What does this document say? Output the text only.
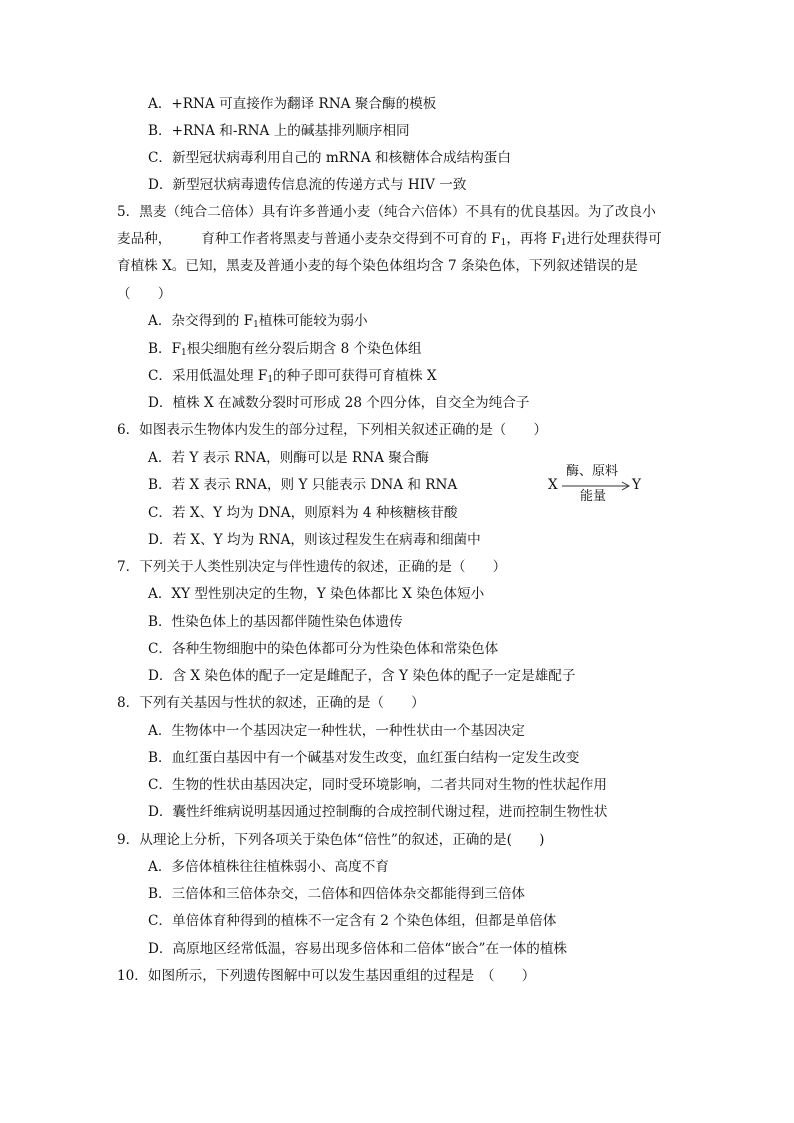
A．+RNA 可直接作为翻译 RNA 聚合酶的模板
B．+RNA 和-RNA 上的碱基排列顺序相同
C．新型冠状病毒利用自己的 mRNA 和核糖体合成结构蛋白
D．新型冠状病毒遗传信息流的传递方式与 HIV 一致
5．黑麦（纯合二倍体）具有许多普通小麦（纯合六倍体）不具有的优良基因。为了改良小
麦品种， 育种工作者将黑麦与普通小麦杂交得到不可育的 $F_1$，再将 $F_1$进行处理获得可
育植株 X。已知，黑麦及普通小麦的每个染色体组均含 7 条染色体，下列叙述错误的是
（　　）
A．杂交得到的 $F_1$植株可能较为弱小
B．$F_1$根尖细胞有丝分裂后期含 8 个染色体组
C．采用低温处理 $F_1$的种子即可获得可育植株 X
D．植株 X 在减数分裂时可形成 28 个四分体，自交全为纯合子
6．如图表示生物体内发生的部分过程，下列相关叙述正确的是（　　）
A．若 Y 表示 RNA，则酶可以是 RNA 聚合酶
B．若 X 表示 RNA，则 Y 只能表示 DNA 和 RNA
C．若 X、Y 均为 DNA，则原料为 4 种核糖核苷酸
D．若 X、Y 均为 RNA，则该过程发生在病毒和细菌中
X	Y
酶、原料
能量
7．下列关于人类性别决定与伴性遗传的叙述，正确的是（　　）
A．XY 型性别决定的生物，Y 染色体都比 X 染色体短小
B．性染色体上的基因都伴随性染色体遗传
C．各种生物细胞中的染色体都可分为性染色体和常染色体
D．含 X 染色体的配子一定是雌配子，含 Y 染色体的配子一定是雄配子
8．下列有关基因与性状的叙述，正确的是（　　）
A．生物体中一个基因决定一种性状，一种性状由一个基因决定
B．血红蛋白基因中有一个碱基对发生改变，血红蛋白结构一定发生改变
C．生物的性状由基因决定，同时受环境影响，二者共同对生物的性状起作用
D．囊性纤维病说明基因通过控制酶的合成控制代谢过程，进而控制生物性状
9．从理论上分析，下列各项关于染色体“倍性”的叙述，正确的是(　　)
A．多倍体植株往往植株弱小、高度不育
B．三倍体和三倍体杂交，二倍体和四倍体杂交都能得到三倍体
C．单倍体育种得到的植株不一定含有 2 个染色体组，但都是单倍体
D．高原地区经常低温，容易出现多倍体和二倍体“嵌合”在一体的植株
10．如图所示，下列遗传图解中可以发生基因重组的过程是　（　　）
